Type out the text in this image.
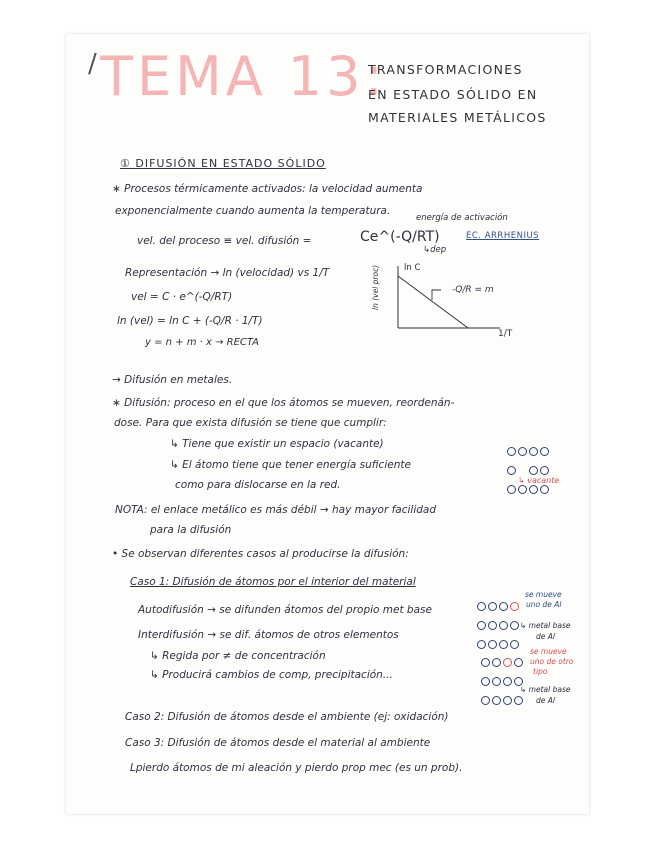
/ TEMA 13:
TRANSFORMACIONES
EN ESTADO SÓLIDO EN
MATERIALES METÁLICOS
① DIFUSIÓN EN ESTADO SÓLIDO
∗ Procesos térmicamente activados: la velocidad aumenta
exponencialmente cuando aumenta la temperatura.
energía de activación
vel. del proceso ≡ vel. difusión =	Ce^(-Q/RT)
↳dep
EC. ARRHENIUS
Representación → ln (velocidad) vs 1/T
vel = C · e^(-Q/RT)
ln (vel) = ln C + (-Q/R · 1/T)
y = n + m · x → RECTA
ln C
ln (vel proc)	-Q/R = m
1/T
→ Difusión en metales.
∗ Difusión: proceso en el que los átomos se mueven, reordenán-
dose. Para que exista difusión se tiene que cumplir:
↳ Tiene que existir un espacio (vacante)
↳ El átomo tiene que tener energía suficiente
como para dislocarse en la red.	↳ vacante
NOTA: el enlace metálico es más débil → hay mayor facilidad
para la difusión
• Se observan diferentes casos al producirse la difusión:
Caso 1: Difusión de átomos por el interior del material
Autodifusión → se difunden átomos del propio met base
se mueve
uno de Al
↳ metal base
de Al
Interdifusión → se dif. átomos de otros elementos
↳ Regida por ≠ de concentración
↳ Producirá cambios de comp, precipitación...
se mueve
uno de otro
tipo
↳ metal base
de Al
Caso 2: Difusión de átomos desde el ambiente (ej: oxidación)
Caso 3: Difusión de átomos desde el material al ambiente
Lpierdo átomos de mi aleación y pierdo prop mec (es un prob).
